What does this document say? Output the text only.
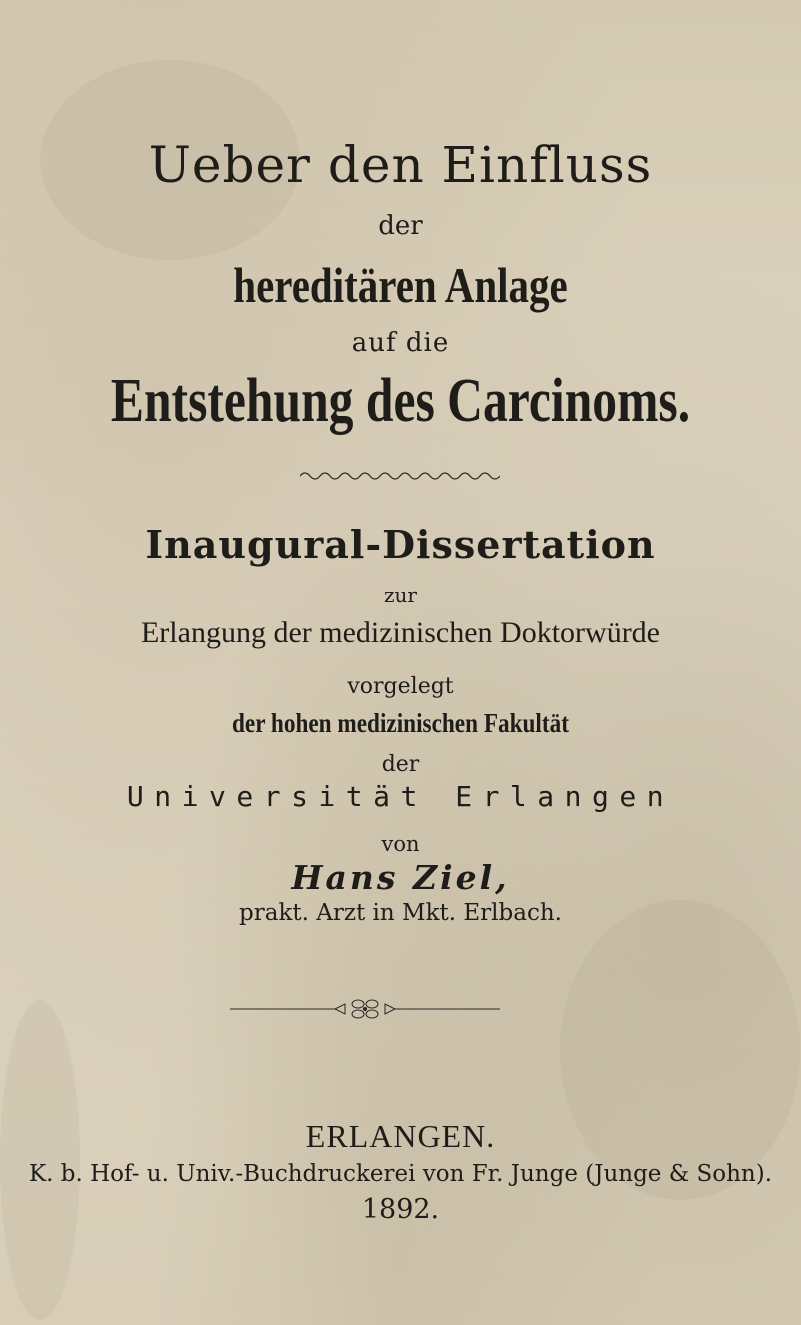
Ueber den Einfluss
der
hereditären Anlage
auf die
Entstehung des Carcinoms.
Inaugural-Dissertation
zur
Erlangung der medizinischen Doktorwürde
vorgelegt
der hohen medizinischen Fakultät
der
Universität Erlangen
von
Hans Ziel,
prakt. Arzt in Mkt. Erlbach.
ERLANGEN.
K. b. Hof- u. Univ.-Buchdruckerei von Fr. Junge (Junge & Sohn).
1892.
